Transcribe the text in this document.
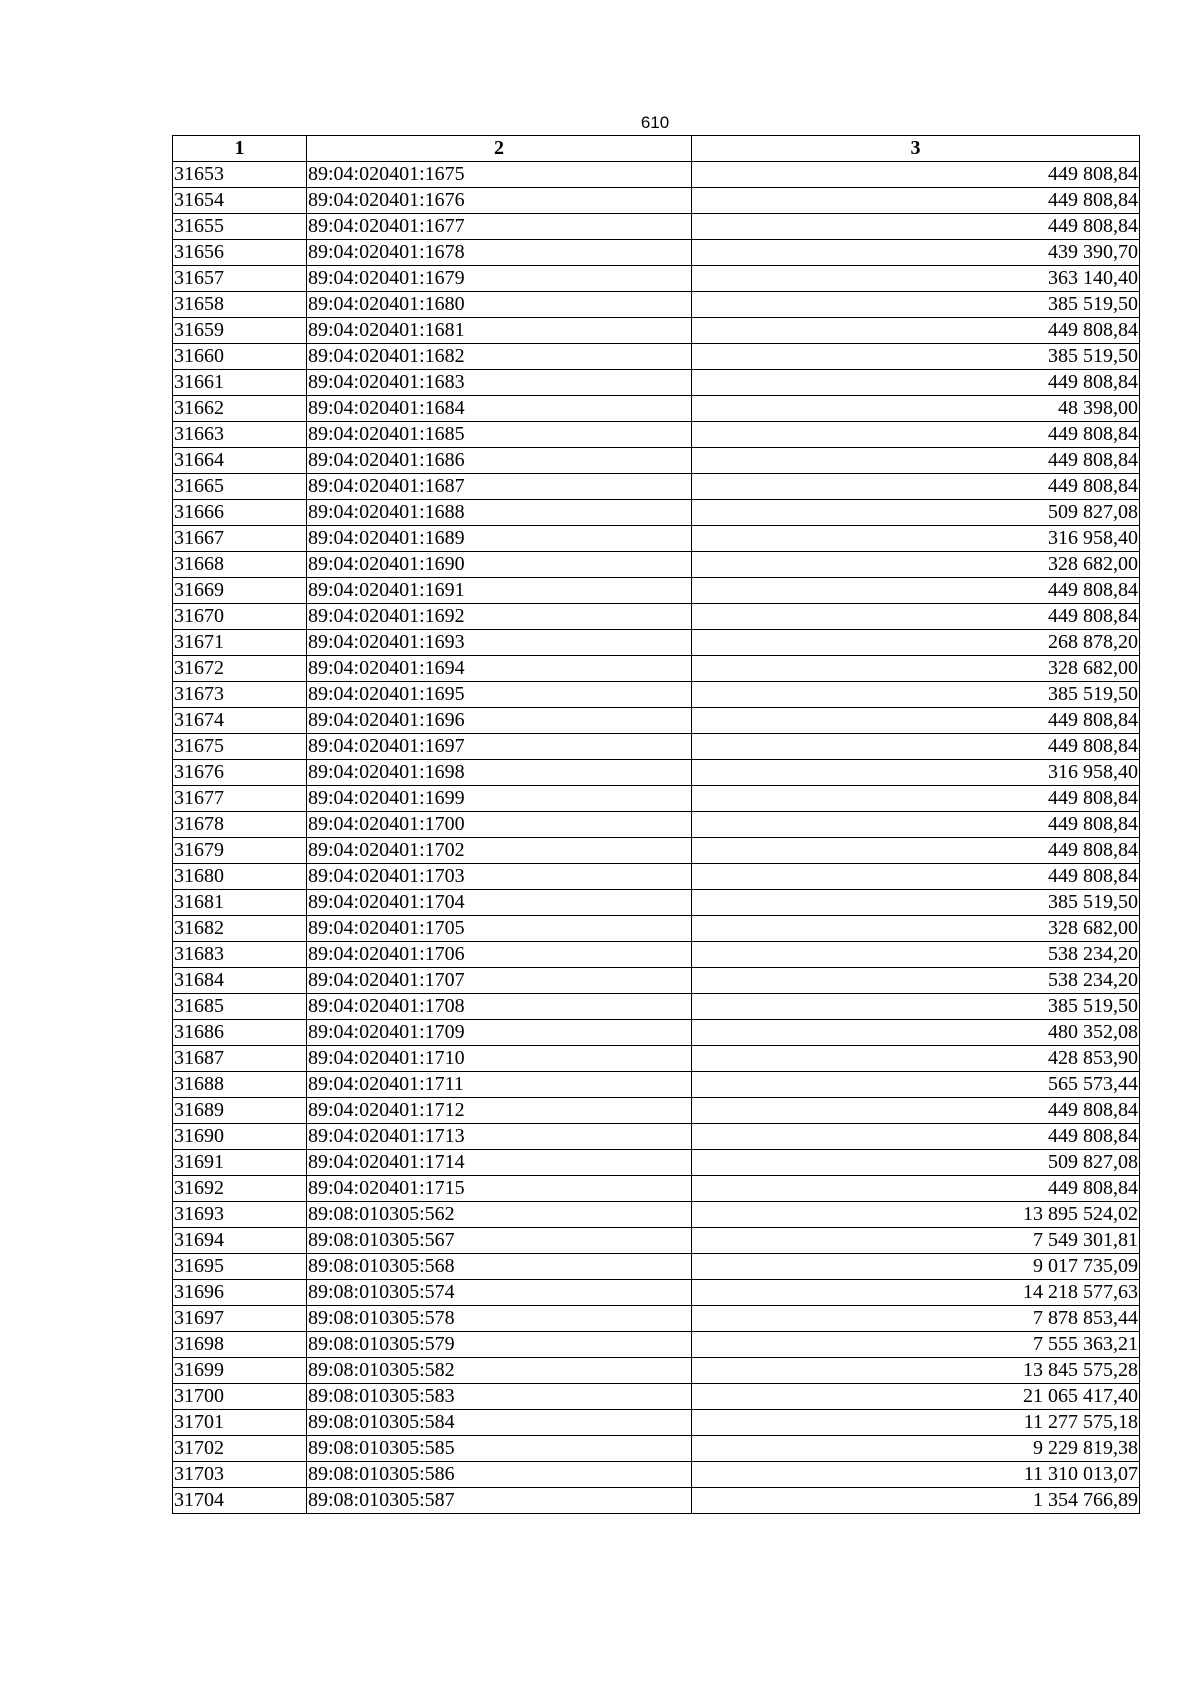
610
1	2	3
31653	89:04:020401:1675	449 808,84
31654	89:04:020401:1676	449 808,84
31655	89:04:020401:1677	449 808,84
31656	89:04:020401:1678	439 390,70
31657	89:04:020401:1679	363 140,40
31658	89:04:020401:1680	385 519,50
31659	89:04:020401:1681	449 808,84
31660	89:04:020401:1682	385 519,50
31661	89:04:020401:1683	449 808,84
31662	89:04:020401:1684	48 398,00
31663	89:04:020401:1685	449 808,84
31664	89:04:020401:1686	449 808,84
31665	89:04:020401:1687	449 808,84
31666	89:04:020401:1688	509 827,08
31667	89:04:020401:1689	316 958,40
31668	89:04:020401:1690	328 682,00
31669	89:04:020401:1691	449 808,84
31670	89:04:020401:1692	449 808,84
31671	89:04:020401:1693	268 878,20
31672	89:04:020401:1694	328 682,00
31673	89:04:020401:1695	385 519,50
31674	89:04:020401:1696	449 808,84
31675	89:04:020401:1697	449 808,84
31676	89:04:020401:1698	316 958,40
31677	89:04:020401:1699	449 808,84
31678	89:04:020401:1700	449 808,84
31679	89:04:020401:1702	449 808,84
31680	89:04:020401:1703	449 808,84
31681	89:04:020401:1704	385 519,50
31682	89:04:020401:1705	328 682,00
31683	89:04:020401:1706	538 234,20
31684	89:04:020401:1707	538 234,20
31685	89:04:020401:1708	385 519,50
31686	89:04:020401:1709	480 352,08
31687	89:04:020401:1710	428 853,90
31688	89:04:020401:1711	565 573,44
31689	89:04:020401:1712	449 808,84
31690	89:04:020401:1713	449 808,84
31691	89:04:020401:1714	509 827,08
31692	89:04:020401:1715	449 808,84
31693	89:08:010305:562	13 895 524,02
31694	89:08:010305:567	7 549 301,81
31695	89:08:010305:568	9 017 735,09
31696	89:08:010305:574	14 218 577,63
31697	89:08:010305:578	7 878 853,44
31698	89:08:010305:579	7 555 363,21
31699	89:08:010305:582	13 845 575,28
31700	89:08:010305:583	21 065 417,40
31701	89:08:010305:584	11 277 575,18
31702	89:08:010305:585	9 229 819,38
31703	89:08:010305:586	11 310 013,07
31704	89:08:010305:587	1 354 766,89
